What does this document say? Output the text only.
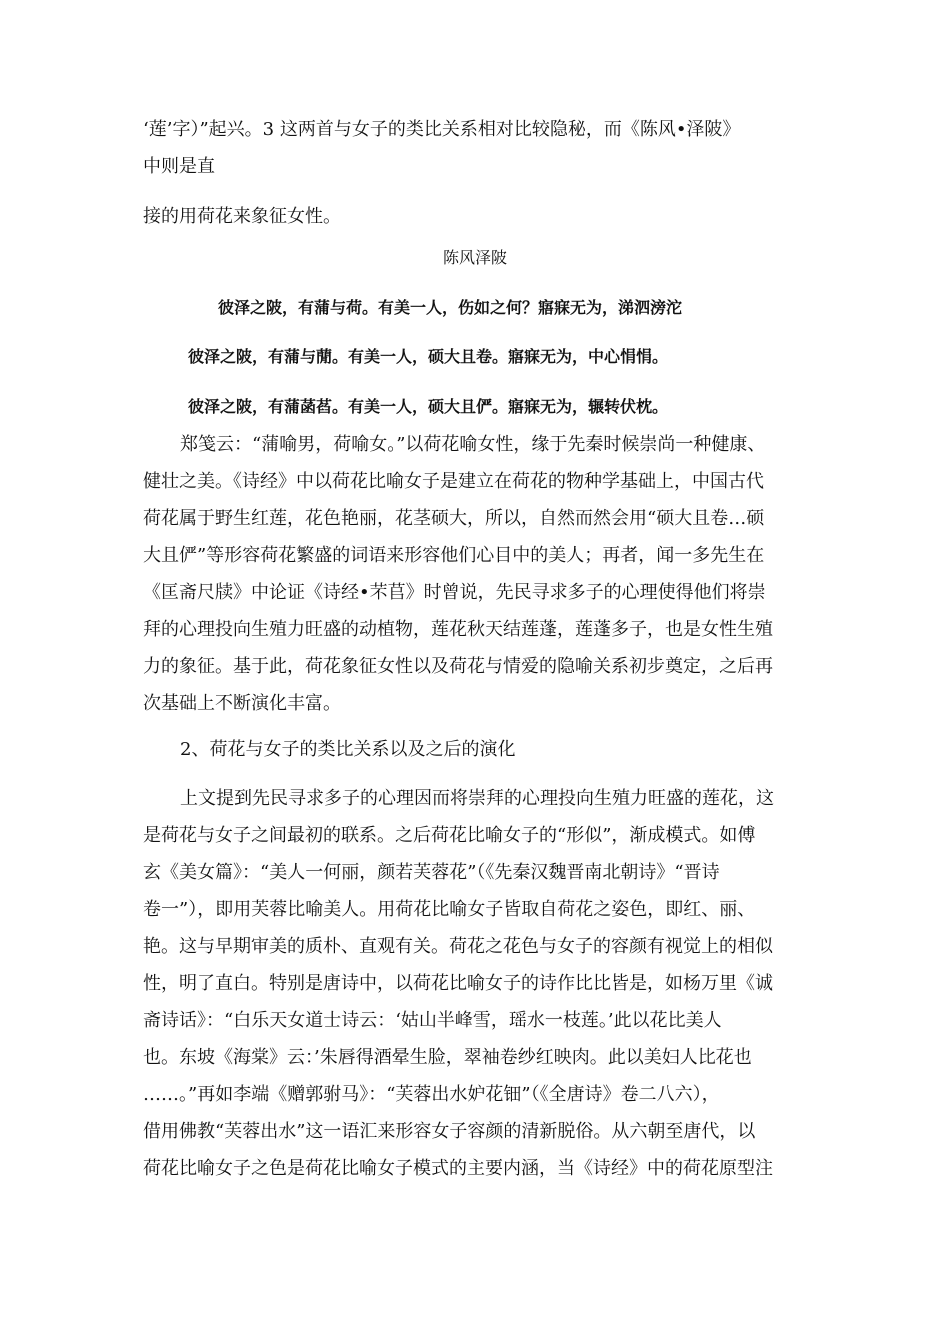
‘莲’字）”起兴。3 这两首与女子的类比关系相对比较隐秘，而《陈风•泽陂》
中则是直
接的用荷花来象征女性。
陈风泽陂
彼泽之陂，有蒲与荷。有美一人，伤如之何？寤寐无为，涕泗滂沱
彼泽之陂，有蒲与蕑。有美一人，硕大且卷。寤寐无为，中心悁悁。
彼泽之陂，有蒲菡萏。有美一人，硕大且俨。寤寐无为，辗转伏枕。
郑笺云：“蒲喻男，荷喻女。”以荷花喻女性，缘于先秦时候崇尚一种健康、
健壮之美。《诗经》中以荷花比喻女子是建立在荷花的物种学基础上，中国古代
荷花属于野生红莲，花色艳丽，花茎硕大，所以，自然而然会用“硕大且卷…硕
大且俨”等形容荷花繁盛的词语来形容他们心目中的美人；再者，闻一多先生在
《匡斋尺牍》中论证《诗经•芣苢》时曾说，先民寻求多子的心理使得他们将崇
拜的心理投向生殖力旺盛的动植物，莲花秋天结莲蓬，莲蓬多子，也是女性生殖
力的象征。基于此，荷花象征女性以及荷花与情爱的隐喻关系初步奠定，之后再
次基础上不断演化丰富。
2、荷花与女子的类比关系以及之后的演化
上文提到先民寻求多子的心理因而将崇拜的心理投向生殖力旺盛的莲花，这
是荷花与女子之间最初的联系。之后荷花比喻女子的“形似”，渐成模式。如傅
玄《美女篇》：“美人一何丽，颜若芙蓉花”（《先秦汉魏晋南北朝诗》“晋诗
卷一”），即用芙蓉比喻美人。用荷花比喻女子皆取自荷花之姿色，即红、丽、
艳。这与早期审美的质朴、直观有关。荷花之花色与女子的容颜有视觉上的相似
性，明了直白。特别是唐诗中，以荷花比喻女子的诗作比比皆是，如杨万里《诚
斋诗话》：“白乐天女道士诗云：‘姑山半峰雪，瑶水一枝莲。’此以花比美人
也。东坡《海棠》云：’朱唇得酒晕生脸，翠袖卷纱红映肉。此以美妇人比花也
……。”再如李端《赠郭驸马》：“芙蓉出水妒花钿”（《全唐诗》卷二八六），
借用佛教“芙蓉出水”这一语汇来形容女子容颜的清新脱俗。从六朝至唐代，以
荷花比喻女子之色是荷花比喻女子模式的主要内涵，当《诗经》中的荷花原型注
